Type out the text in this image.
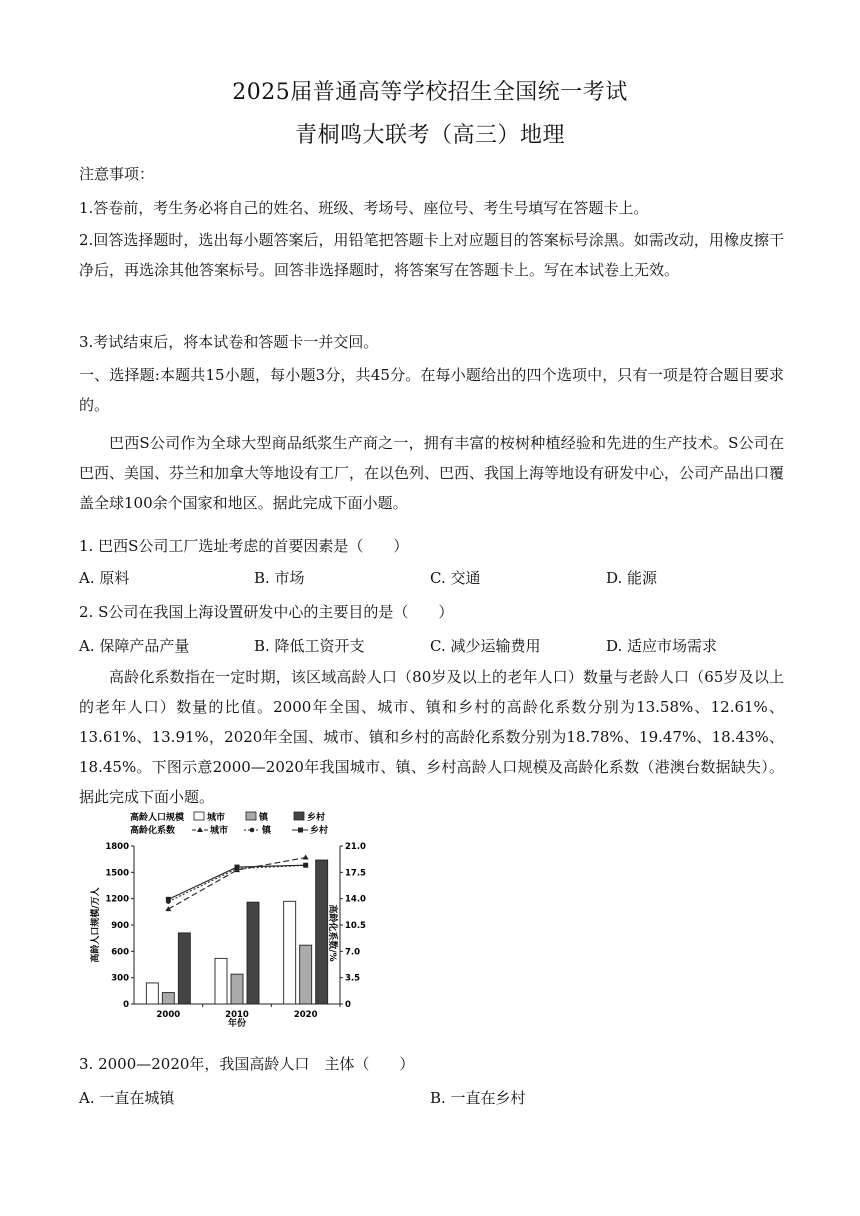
2025届普通高等学校招生全国统一考试
青桐鸣大联考（高三）地理
注意事项：
1.答卷前，考生务必将自己的姓名、班级、考场号、座位号、考生号填写在答题卡上。
2.回答选择题时，选出每小题答案后，用铅笔把答题卡上对应题目的答案标号涂黑。如需改动，用橡皮擦干净后，再选涂其他答案标号。回答非选择题时，将答案写在答题卡上。写在本试卷上无效。
3.考试结束后，将本试卷和答题卡一并交回。
一、选择题:本题共15小题，每小题3分，共45分。在每小题给出的四个选项中，只有一项是符合题目要求的。
巴西S公司作为全球大型商品纸浆生产商之一，拥有丰富的桉树种植经验和先进的生产技术。S公司在巴西、美国、芬兰和加拿大等地设有工厂，在以色列、巴西、我国上海等地设有研发中心，公司产品出口覆盖全球100余个国家和地区。据此完成下面小题。
1. 巴西S公司工厂选址考虑的首要因素是（　　）
A. 原料	B. 市场	C. 交通	D. 能源
2. S公司在我国上海设置研发中心的主要目的是（　　）
A. 保障产品产量	B. 降低工资开支	C. 减少运输费用	D. 适应市场需求
高龄化系数指在一定时期，该区域高龄人口（80岁及以上的老年人口）数量与老龄人口（65岁及以上的老年人口）数量的比值。2000年全国、城市、镇和乡村的高龄化系数分别为13.58%、12.61%、13.61%、13.91%，2020年全国、城市、镇和乡村的高龄化系数分别为18.78%、19.47%、18.43%、18.45%。下图示意2000—2020年我国城市、镇、乡村高龄人口规模及高龄化系数（港澳台数据缺失）。据此完成下面小题。
高龄人口规模	城市	镇	乡村
高龄化系数	城市	镇	乡村
0
300
600
900
1200
1500
1800
0
3.5
7.0
10.5
14.0
17.5
21.0
2000	2010	2020
年份
高龄人口规模/万人	高龄化系数/%
3. 2000—2020年，我国高龄人口　主体（　　）
A. 一直在城镇	B. 一直在乡村
